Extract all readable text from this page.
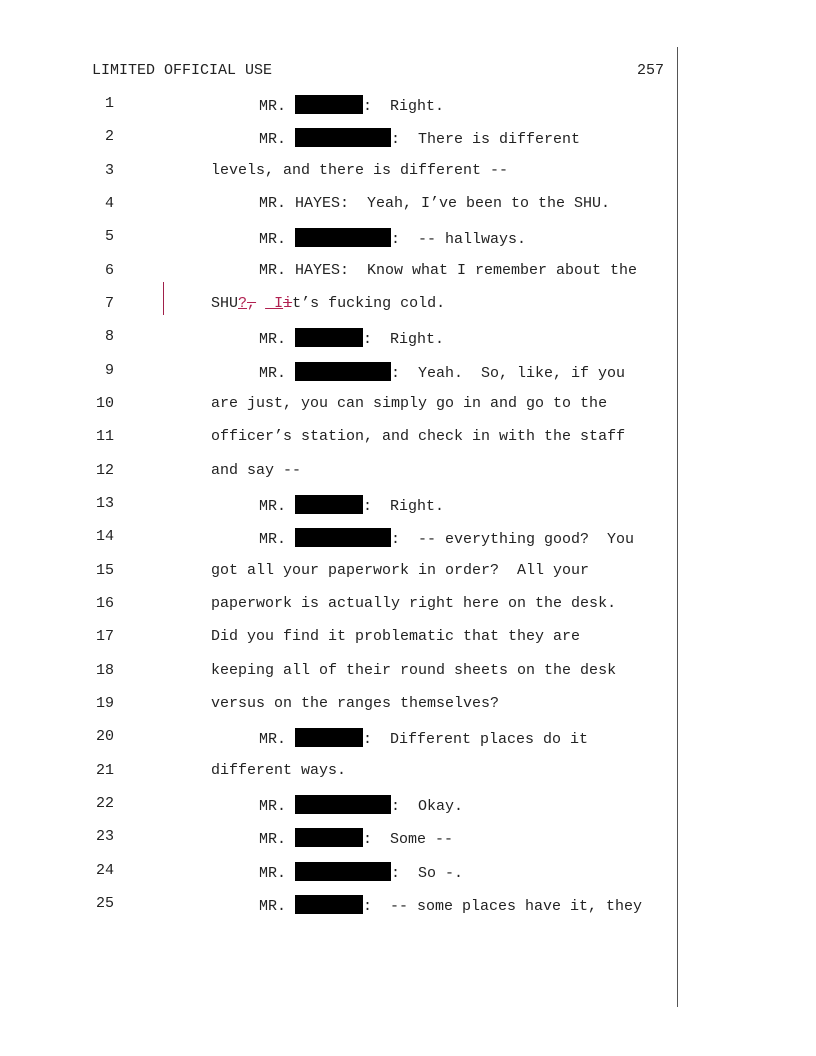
LIMITED OFFICIAL USE	257
1	MR.	:  Right.
2	MR.	:  There is different
3	levels, and there is different --
4	MR. HAYES:  Yeah, I’ve been to the SHU.
5	MR.	:  -- hallways.
6	MR. HAYES:  Know what I remember about the
7	SHU?,  Iit’s fucking cold.
8	MR.	:  Right.
9	MR.	:  Yeah.  So, like, if you
10	are just, you can simply go in and go to the
11	officer’s station, and check in with the staff
12	and say --
13	MR.	:  Right.
14	MR.	:  -- everything good?  You
15	got all your paperwork in order?  All your
16	paperwork is actually right here on the desk.
17	Did you find it problematic that they are
18	keeping all of their round sheets on the desk
19	versus on the ranges themselves?
20	MR.	:  Different places do it
21	different ways.
22	MR.	:  Okay.
23	MR.	:  Some --
24	MR.	:  So -.
25	MR.	:  -- some places have it, they
